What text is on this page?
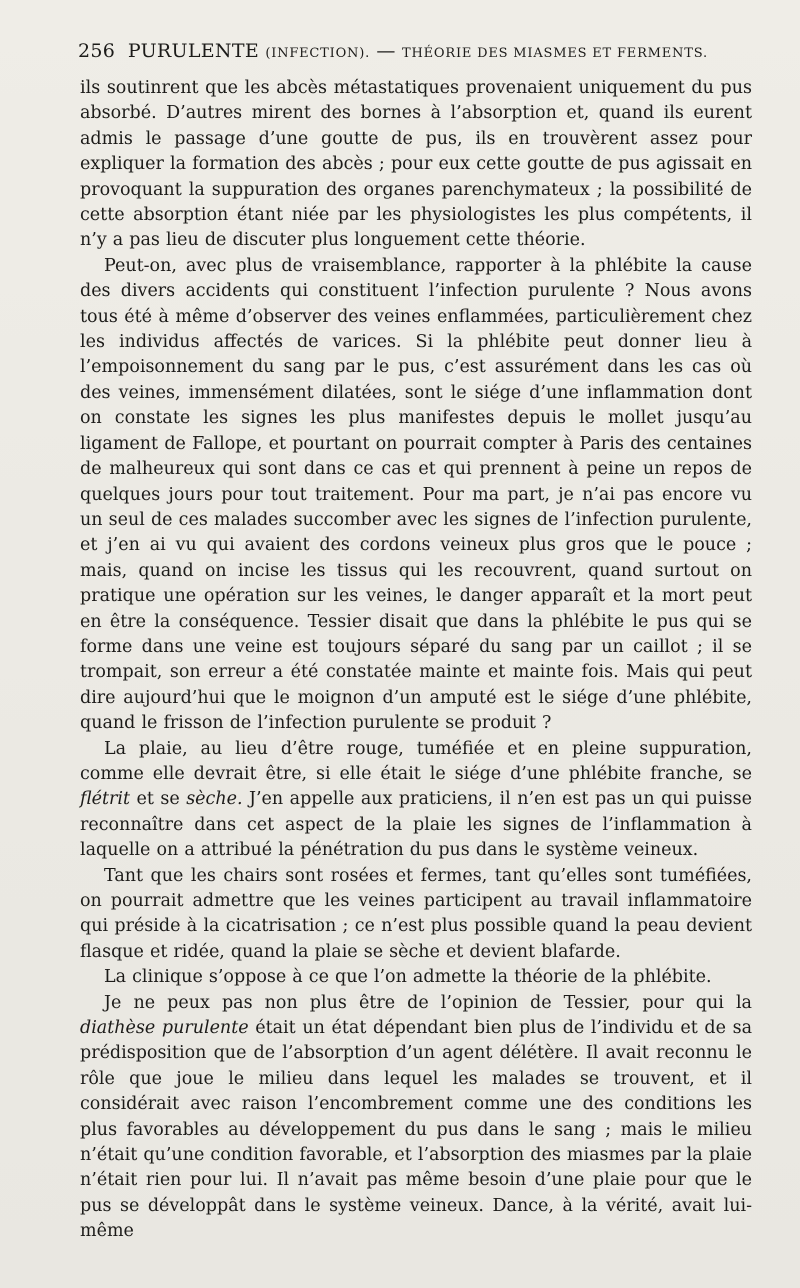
256 PURULENTE (INFECTION). — THÉORIE DES MIASMES ET FERMENTS.

ils soutinrent que les abcès métastatiques provenaient uniquement du pus absorbé. D’autres mirent des bornes à l’absorption et, quand ils eurent admis le passage d’une goutte de pus, ils en trouvèrent assez pour expliquer la formation des abcès ; pour eux cette goutte de pus agissait en provoquant la suppuration des organes parenchymateux ; la possibilité de cette absorption étant niée par les physiologistes les plus compétents, il n’y a pas lieu de discuter plus longuement cette théorie.

Peut-on, avec plus de vraisemblance, rapporter à la phlébite la cause des divers accidents qui constituent l’infection purulente ? Nous avons tous été à même d’observer des veines enflammées, particulièrement chez les individus affectés de varices. Si la phlébite peut donner lieu à l’empoisonnement du sang par le pus, c’est assurément dans les cas où des veines, immensément dilatées, sont le siége d’une inflammation dont on constate les signes les plus manifestes depuis le mollet jusqu’au ligament de Fallope, et pourtant on pourrait compter à Paris des centaines de malheureux qui sont dans ce cas et qui prennent à peine un repos de quelques jours pour tout traitement. Pour ma part, je n’ai pas encore vu un seul de ces malades succomber avec les signes de l’infection purulente, et j’en ai vu qui avaient des cordons veineux plus gros que le pouce ; mais, quand on incise les tissus qui les recouvrent, quand surtout on pratique une opération sur les veines, le danger apparaît et la mort peut en être la conséquence. Tessier disait que dans la phlébite le pus qui se forme dans une veine est toujours séparé du sang par un caillot ; il se trompait, son erreur a été constatée mainte et mainte fois. Mais qui peut dire aujourd’hui que le moignon d’un amputé est le siége d’une phlébite, quand le frisson de l’infection purulente se produit ?

La plaie, au lieu d’être rouge, tuméfiée et en pleine suppuration, comme elle devrait être, si elle était le siége d’une phlébite franche, se flétrit et se sèche. J’en appelle aux praticiens, il n’en est pas un qui puisse reconnaître dans cet aspect de la plaie les signes de l’inflammation à laquelle on a attribué la pénétration du pus dans le système veineux.

Tant que les chairs sont rosées et fermes, tant qu’elles sont tuméfiées, on pourrait admettre que les veines participent au travail inflammatoire qui préside à la cicatrisation ; ce n’est plus possible quand la peau devient flasque et ridée, quand la plaie se sèche et devient blafarde.

La clinique s’oppose à ce que l’on admette la théorie de la phlébite.

Je ne peux pas non plus être de l’opinion de Tessier, pour qui la diathèse purulente était un état dépendant bien plus de l’individu et de sa prédisposition que de l’absorption d’un agent délétère. Il avait reconnu le rôle que joue le milieu dans lequel les malades se trouvent, et il considérait avec raison l’encombrement comme une des conditions les plus favorables au développement du pus dans le sang ; mais le milieu n’était qu’une condition favorable, et l’absorption des miasmes par la plaie n’était rien pour lui. Il n’avait pas même besoin d’une plaie pour que le pus se développât dans le système veineux. Dance, à la vérité, avait lui-même
